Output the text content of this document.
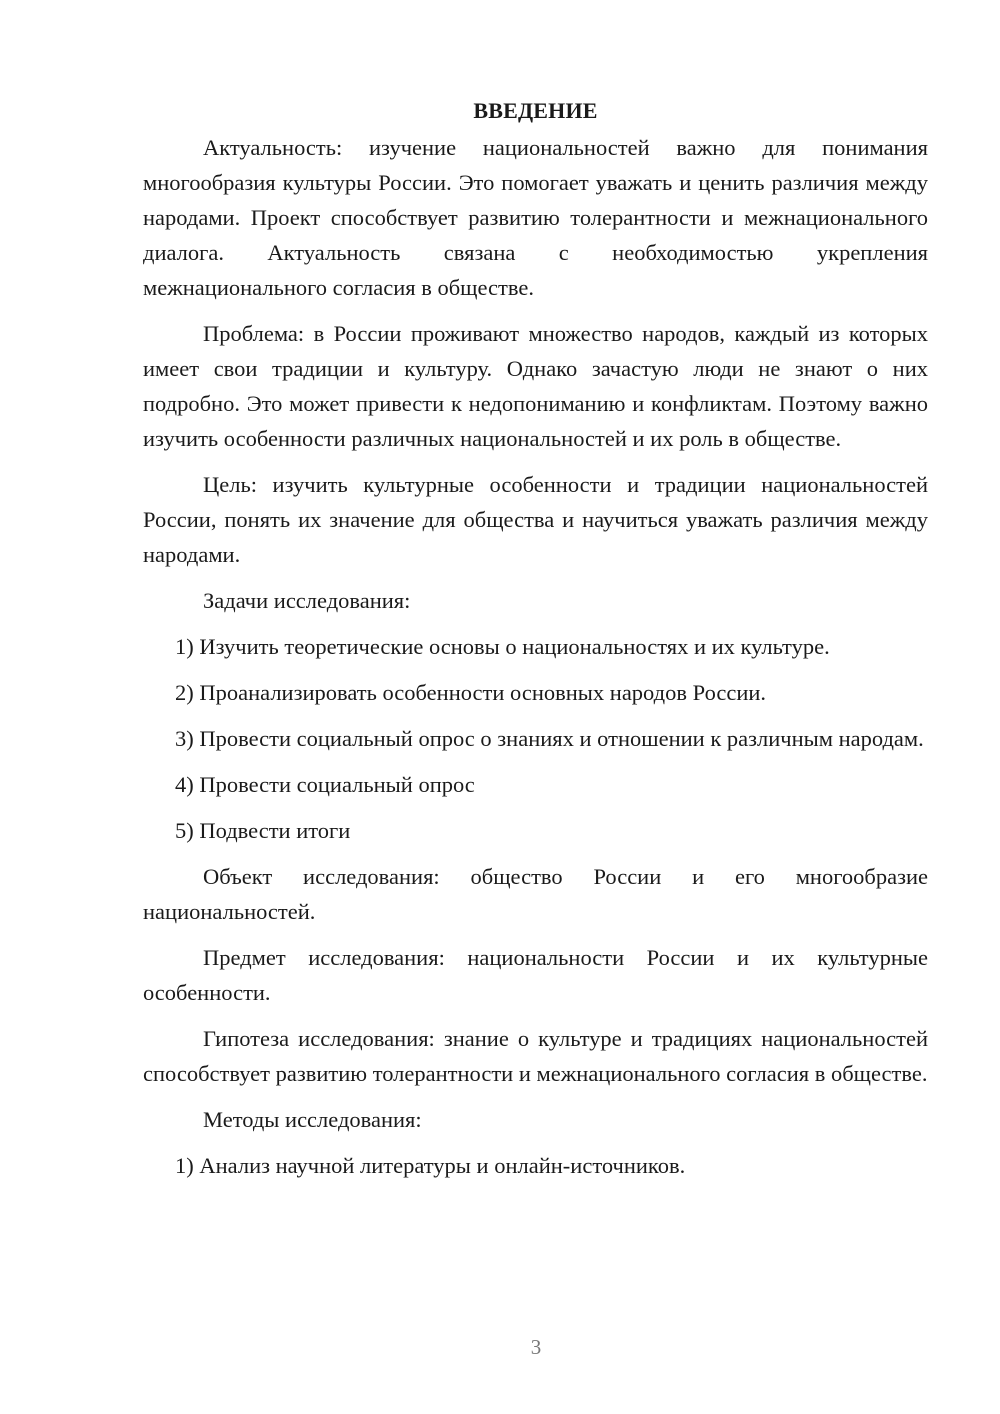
ВВЕДЕНИЕ

Актуальность: изучение национальностей важно для понимания многообразия культуры России. Это помогает уважать и ценить различия между народами. Проект способствует развитию толерантности и межнационального диалога. Актуальность связана с необходимостью укрепления межнационального согласия в обществе.

Проблема: в России проживают множество народов, каждый из которых имеет свои традиции и культуру. Однако зачастую люди не знают о них подробно. Это может привести к недопониманию и конфликтам. Поэтому важно изучить особенности различных национальностей и их роль в обществе.

Цель: изучить культурные особенности и традиции национальностей России, понять их значение для общества и научиться уважать различия между народами.

Задачи исследования:

1) Изучить теоретические основы о национальностях и их культуре.

2) Проанализировать особенности основных народов России.

3) Провести социальный опрос о знаниях и отношении к различным народам.

4) Провести социальный опрос

5) Подвести итоги

Объект исследования: общество России и его многообразие национальностей.

Предмет исследования: национальности России и их культурные особенности.

Гипотеза исследования: знание о культуре и традициях национальностей способствует развитию толерантности и межнационального согласия в обществе.

Методы исследования:

1) Анализ научной литературы и онлайн-источников.

3
